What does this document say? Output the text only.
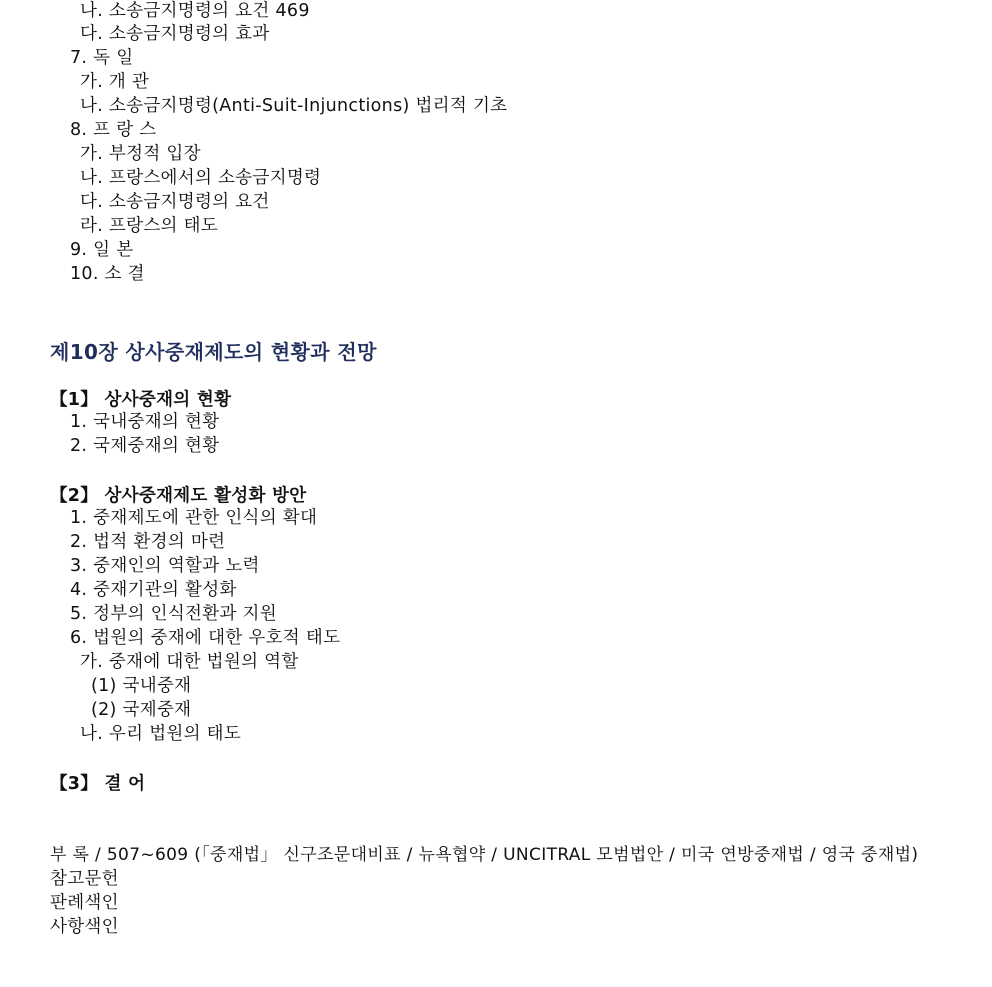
나. 소송금지명령의 요건 469
다. 소송금지명령의 효과
7. 독 일
가. 개 관
나. 소송금지명령(Anti-Suit-Injunctions) 법리적 기초
8. 프 랑 스
가. 부정적 입장
나. 프랑스에서의 소송금지명령
다. 소송금지명령의 요건
라. 프랑스의 태도
9. 일 본
10. 소 결
제10장 상사중재제도의 현황과 전망
【1】 상사중재의 현황
1. 국내중재의 현황
2. 국제중재의 현황
【2】 상사중재제도 활성화 방안
1. 중재제도에 관한 인식의 확대
2. 법적 환경의 마련
3. 중재인의 역할과 노력
4. 중재기관의 활성화
5. 정부의 인식전환과 지원
6. 법원의 중재에 대한 우호적 태도
가. 중재에 대한 법원의 역할
(1) 국내중재
(2) 국제중재
나. 우리 법원의 태도
【3】 결 어
부 록 / 507~609 (「중재법」 신구조문대비표 / 뉴욕협약 / UNCITRAL 모범법안 / 미국 연방중재법 / 영국 중재법)
참고문헌
판례색인
사항색인
